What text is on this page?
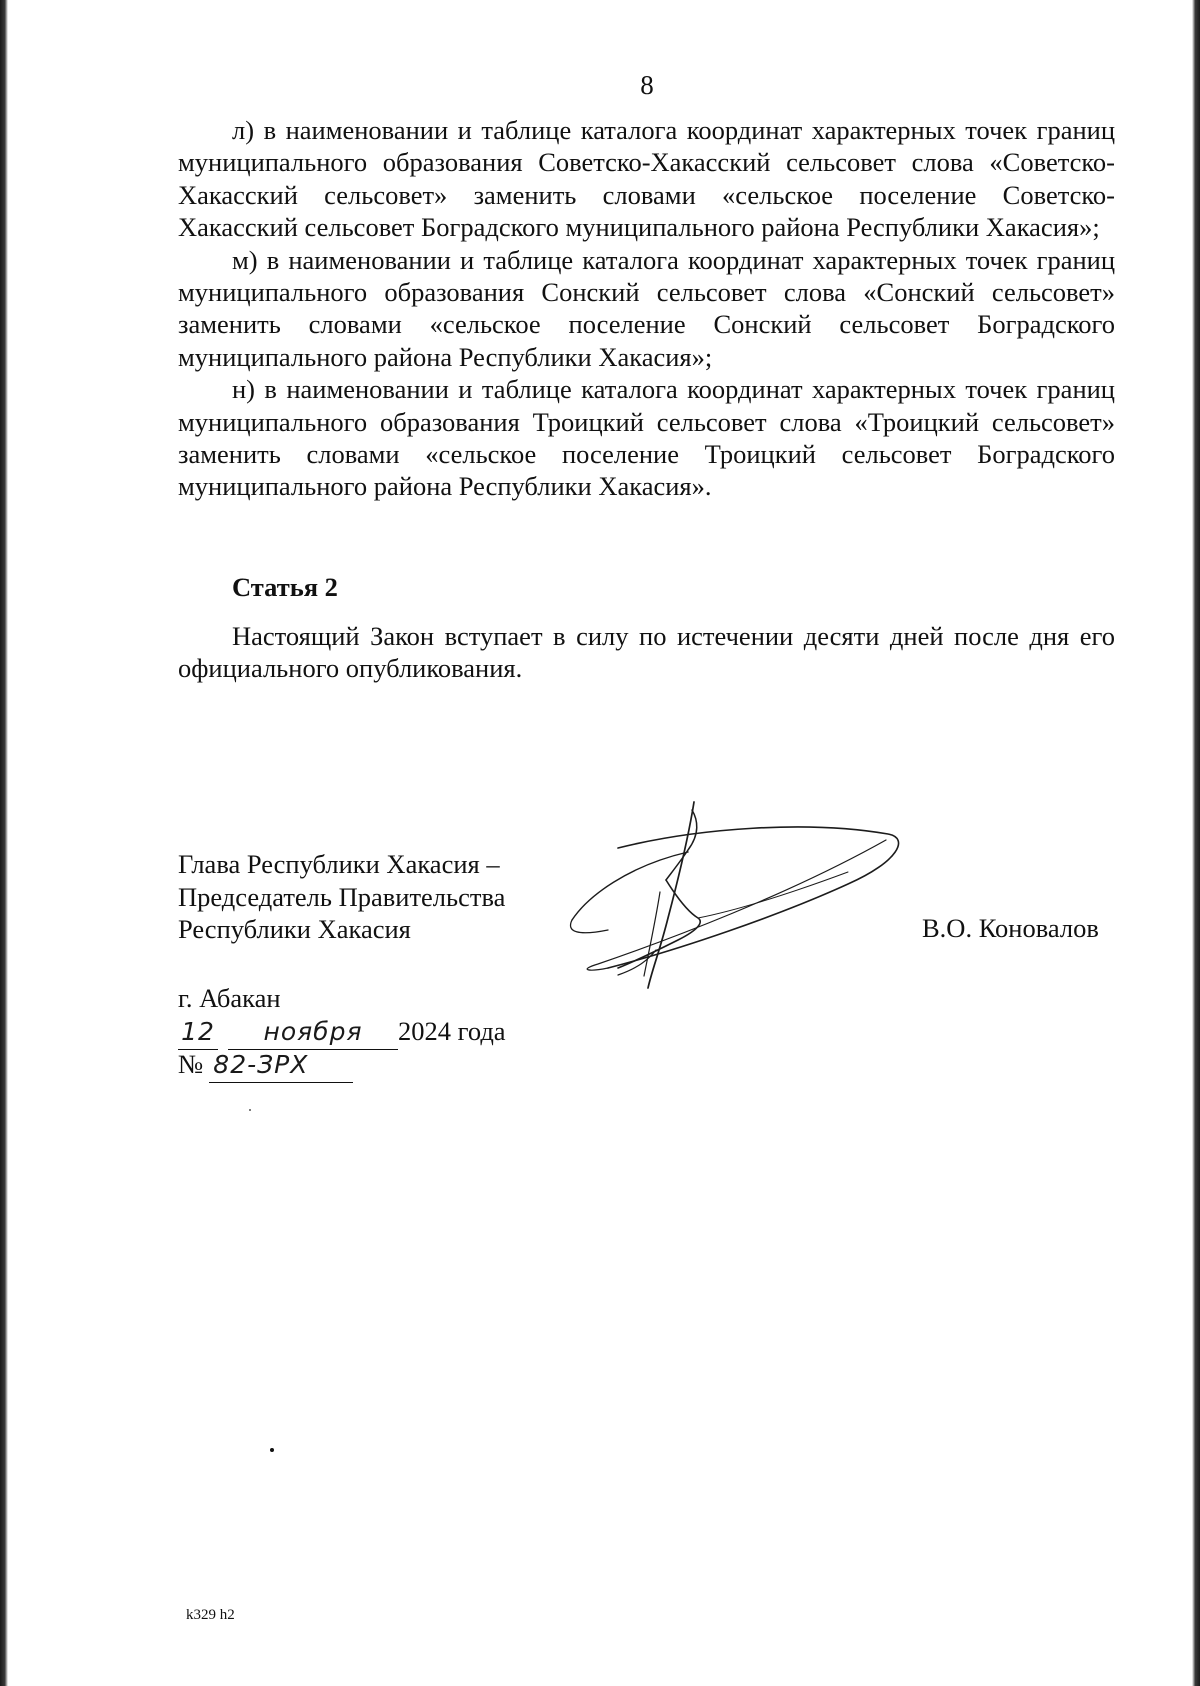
8

л) в наименовании и таблице каталога координат характерных точек границ муниципального образования Советско-Хакасский сельсовет слова «Советско-Хакасский сельсовет» заменить словами «сельское поселение Советско-Хакасский сельсовет Боградского муниципального района Республики Хакасия»;

м) в наименовании и таблице каталога координат характерных точек границ муниципального образования Сонский сельсовет слова «Сонский сельсовет» заменить словами «сельское поселение Сонский сельсовет Боградского муниципального района Республики Хакасия»;

н) в наименовании и таблице каталога координат характерных точек границ муниципального образования Троицкий сельсовет слова «Троицкий сельсовет» заменить словами «сельское поселение Троицкий сельсовет Боградского муниципального района Республики Хакасия».

Статья 2

Настоящий Закон вступает в силу по истечении десяти дней после дня его официального опубликования.

Глава Республики Хакасия –
Председатель Правительства
Республики Хакасия	В.О. Коновалов
г. Абакан
12 ноября 2024 года
№ 82-ЗРХ
k329 h2
